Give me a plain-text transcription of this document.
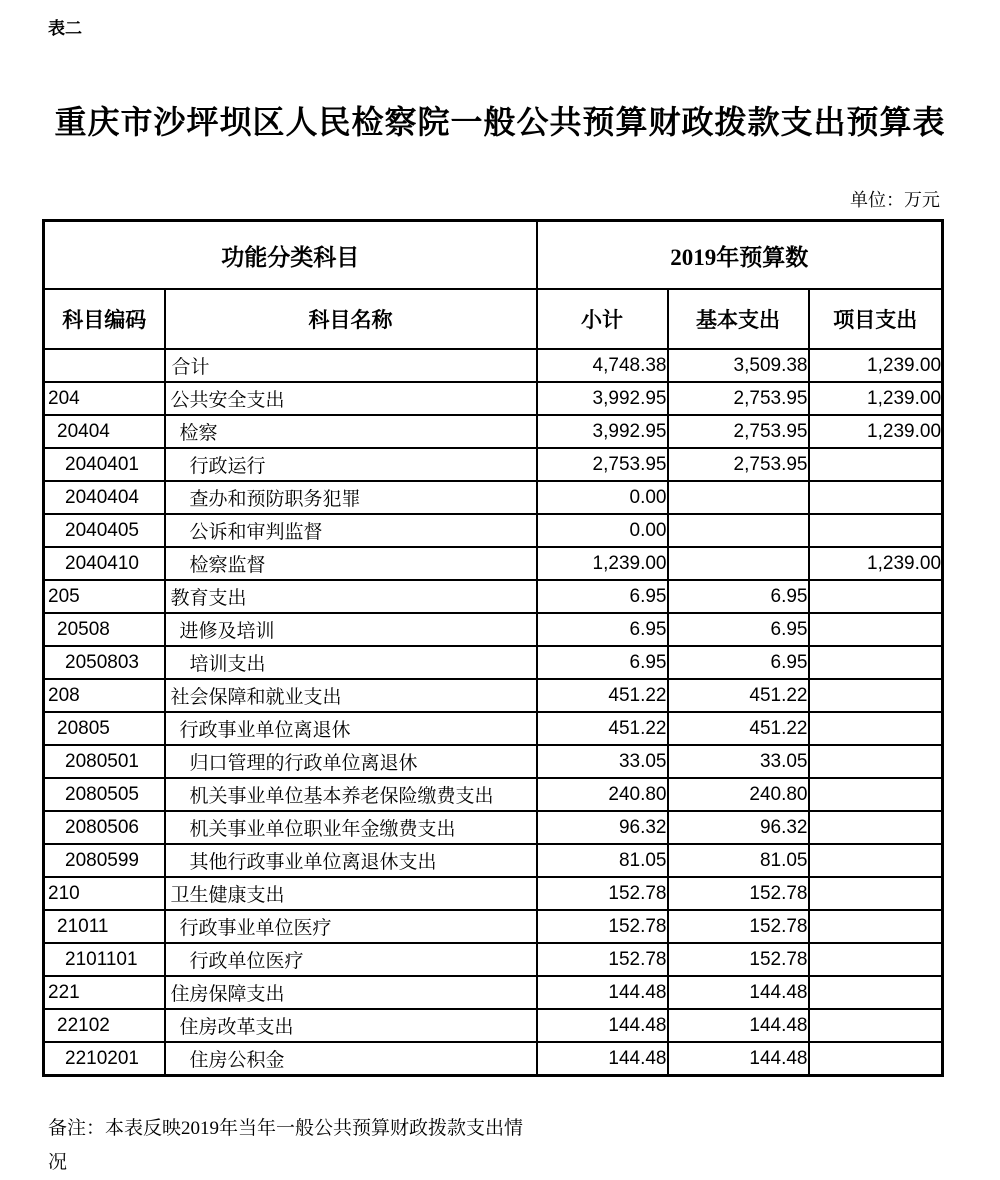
表二
重庆市沙坪坝区人民检察院一般公共预算财政拨款支出预算表
单位：万元
功能分类科目		2019年预算数		
科目编码	科目名称	小计	基本支出	项目支出
	合计	4,748.38	3,509.38	1,239.00
204	公共安全支出	3,992.95	2,753.95	1,239.00
20404	检察	3,992.95	2,753.95	1,239.00
2040401	行政运行	2,753.95	2,753.95	
2040404	查办和预防职务犯罪	0.00		
2040405	公诉和审判监督	0.00		
2040410	检察监督	1,239.00		1,239.00
205	教育支出	6.95	6.95	
20508	进修及培训	6.95	6.95	
2050803	培训支出	6.95	6.95	
208	社会保障和就业支出	451.22	451.22	
20805	行政事业单位离退休	451.22	451.22	
2080501	归口管理的行政单位离退休	33.05	33.05	
2080505	机关事业单位基本养老保险缴费支出	240.80	240.80	
2080506	机关事业单位职业年金缴费支出	96.32	96.32	
2080599	其他行政事业单位离退休支出	81.05	81.05	
210	卫生健康支出	152.78	152.78	
21011	行政事业单位医疗	152.78	152.78	
2101101	行政单位医疗	152.78	152.78	
221	住房保障支出	144.48	144.48	
22102	住房改革支出	144.48	144.48	
2210201	住房公积金	144.48	144.48	
备注：本表反映2019年当年一般公共预算财政拨款支出情
况
